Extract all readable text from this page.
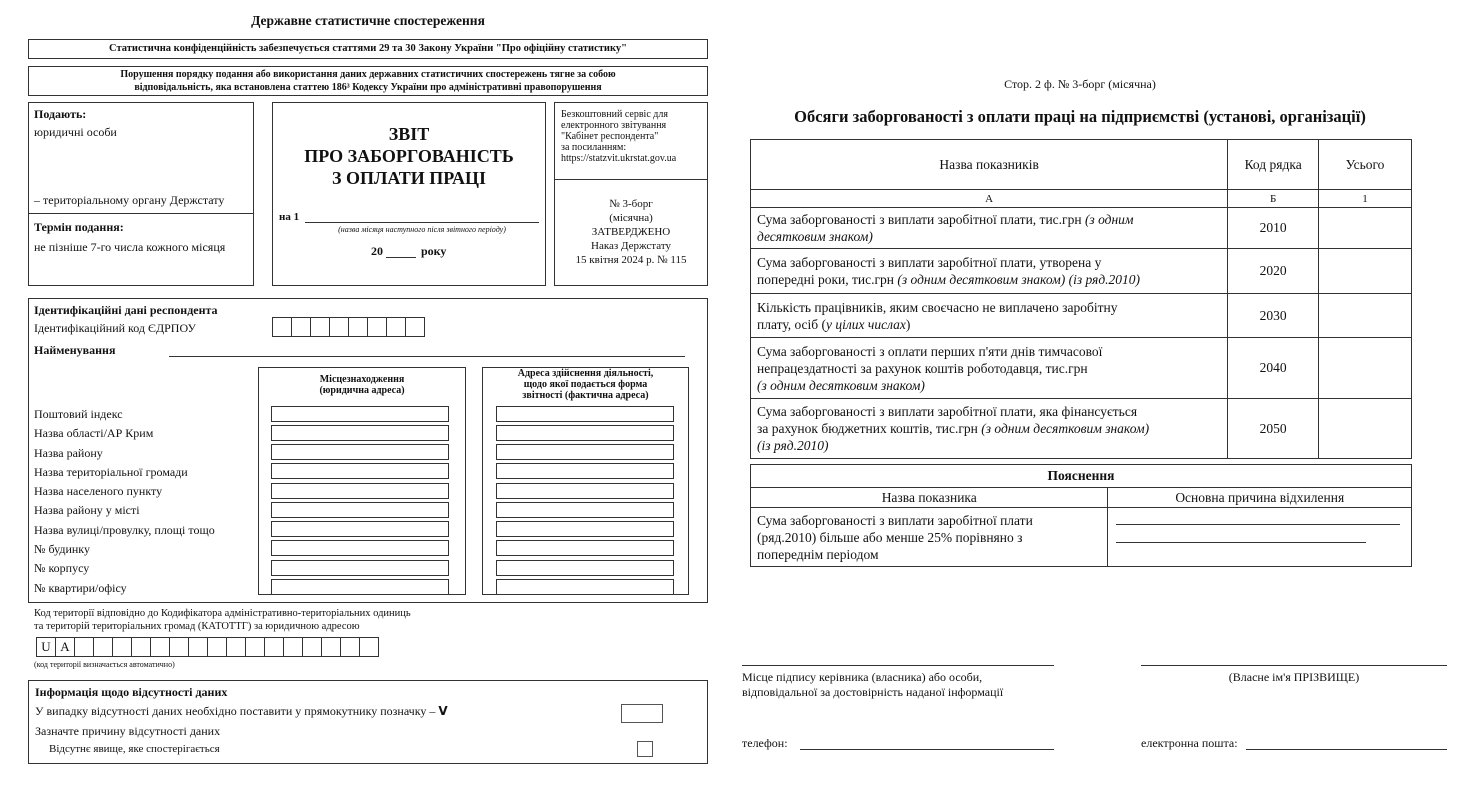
Державне статистичне спостереження
Статистична конфіденційність забезпечується статтями 29 та 30 Закону України "Про офіційну статистику"
Порушення порядку подання або використання даних державних статистичних спостережень тягне за собою
відповідальність, яка встановлена статтею 186³ Кодексу України про адміністративні правопорушення
Подають:
юридичні особи
– територіальному органу Держстату
Термін подання:
не пізніше 7-го числа кожного місяця
ЗВІТ
ПРО ЗАБОРГОВАНІСТЬ
З ОПЛАТИ ПРАЦІ
на 1
(назва місяця наступного після звітного періоду)
20	року
Безкоштовний сервіс для
електронного звітування
"Кабінет респондента"
за посиланням:
https://statzvit.ukrstat.gov.ua
№ 3-борг
(місячна)
ЗАТВЕРДЖЕНО
Наказ Держстату
15 квітня 2024 р. № 115
Ідентифікаційні дані респондента
Ідентифікаційний код ЄДРПОУ
Найменування
Місцезнаходження
(юридична адреса)
Адреса здійснення діяльності,
щодо якої подається форма
звітності (фактична адреса)
Поштовий індекс
Назва області/АР Крим
Назва району
Назва територіальної громади
Назва населеного пункту
Назва району у місті
Назва вулиці/провулку, площі тощо
№ будинку
№ корпусу
№ квартири/офісу
Код території відповідно до Кодифікатора адміністративно-територіальних одиниць
та територій територіальних громад (КАТОТТГ) за юридичною адресою
U A
(код території визначається автоматично)
Інформація щодо відсутності даних
У випадку відсутності даних необхідно поставити у прямокутнику позначку – V
Зазначте причину відсутності даних
Відсутнє явище, яке спостерігається
Стор. 2 ф. № 3-борг (місячна)
Обсяги заборгованості з оплати праці на підприємстві (установі, організації)
Назва показників	Код рядка	Усього
А	Б	1
Сума заборгованості з виплати заробітної плати, тис.грн (з одним
десятковим знаком)	2010	
Сума заборгованості з виплати заробітної плати, утворена у
попередні роки, тис.грн (з одним десятковим знаком) (із ряд.2010)	2020	
Кількість працівників, яким своєчасно не виплачено заробітну
плату, осіб (у цілих числах)	2030	
Сума заборгованості з оплати перших п'яти днів тимчасової
непрацездатності за рахунок коштів роботодавця, тис.грн
(з одним десятковим знаком)	2040	
Сума заборгованості з виплати заробітної плати, яка фінансується
за рахунок бюджетних коштів, тис.грн (з одним десятковим знаком)
(із ряд.2010)	2050	
Пояснення	
Назва показника	Основна причина відхилення

Сума заборгованості з виплати заробітної плати
(ряд.2010) більше або менше 25% порівняно з
попереднім періодом	

Місце підпису керівника (власника) або особи,
відповідальної за достовірність наданої інформації
(Власне ім'я ПРІЗВИЩЕ)
телефон:	електронна пошта:
